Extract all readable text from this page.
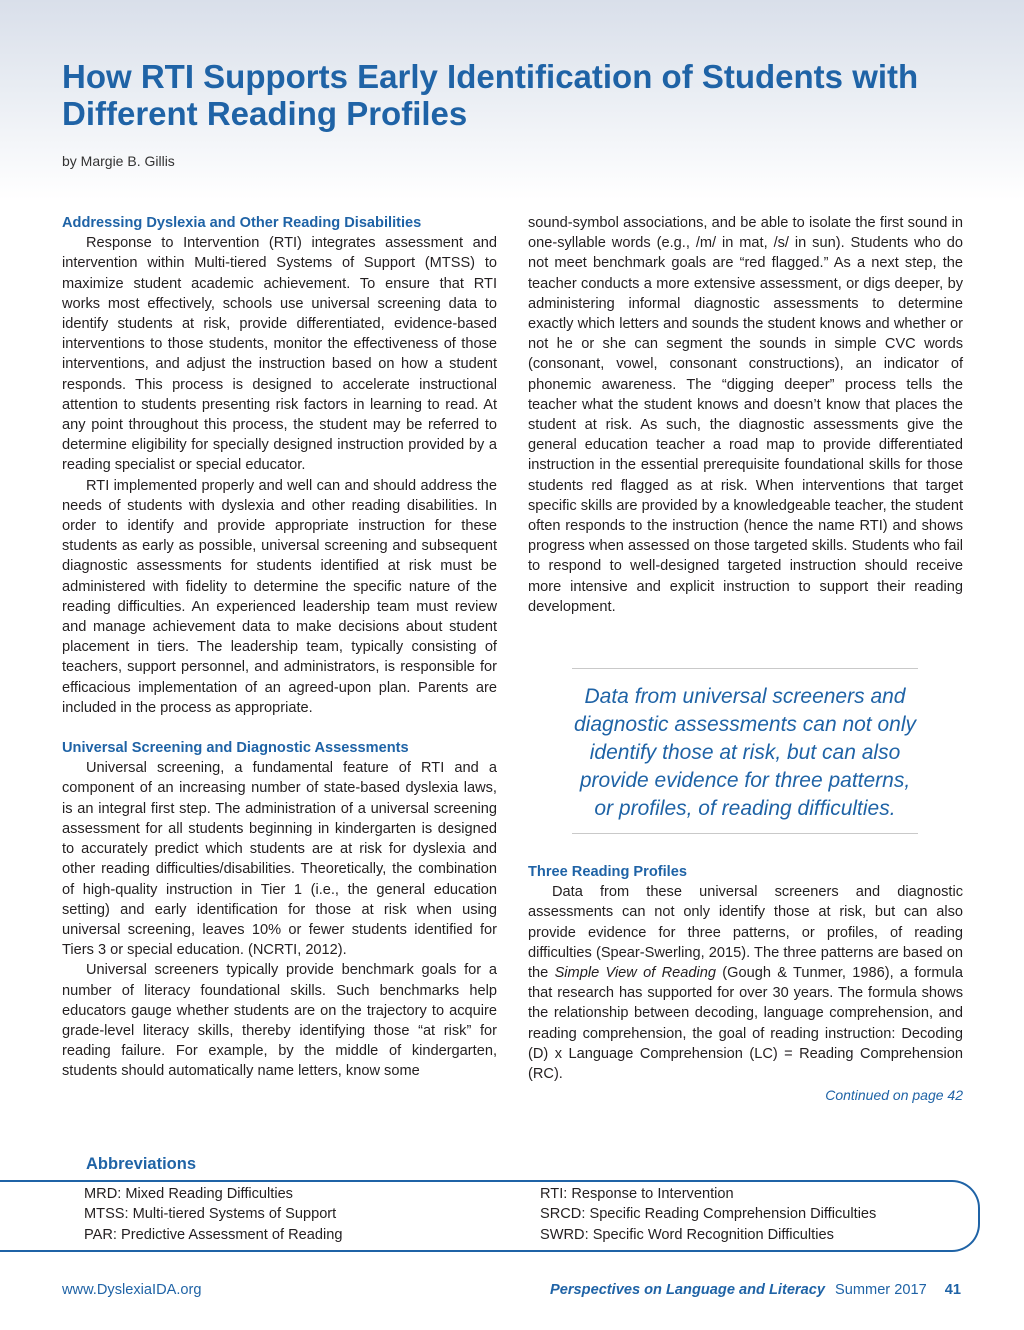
How RTI Supports Early Identification of Students with Different Reading Profiles
by Margie B. Gillis
Addressing Dyslexia and Other Reading Disabilities

Response to Intervention (RTI) integrates assessment and intervention within Multi-tiered Systems of Support (MTSS) to maximize student academic achievement. To ensure that RTI works most effectively, schools use universal screening data to identify students at risk, provide differentiated, evidence-based interventions to those students, monitor the effectiveness of those interventions, and adjust the instruction based on how a student responds. This process is designed to accelerate instructional attention to students presenting risk factors in learning to read. At any point throughout this process, the student may be referred to determine eligibility for specially designed instruction provided by a reading specialist or special educator.

RTI implemented properly and well can and should address the needs of students with dyslexia and other reading disabilities. In order to identify and provide appropriate instruction for these students as early as possible, universal screening and subsequent diagnostic assessments for students identified at risk must be administered with fidelity to determine the specific nature of the reading difficulties. An experienced leadership team must review and manage achievement data to make decisions about student placement in tiers. The leadership team, typically consisting of teachers, support personnel, and administrators, is responsible for efficacious implementation of an agreed-upon plan. Parents are included in the process as appropriate.

Universal Screening and Diagnostic Assessments

Universal screening, a fundamental feature of RTI and a component of an increasing number of state-based dyslexia laws, is an integral first step. The administration of a universal screening assessment for all students beginning in kindergarten is designed to accurately predict which students are at risk for dyslexia and other reading difficulties/disabilities. Theoretically, the combination of high-quality instruction in Tier 1 (i.e., the general education setting) and early identification for those at risk when using universal screening, leaves 10% or fewer students identified for Tiers 3 or special education. (NCRTI, 2012).

Universal screeners typically provide benchmark goals for a number of literacy foundational skills. Such benchmarks help educators gauge whether students are on the trajectory to acquire grade-level literacy skills, thereby identifying those “at risk” for reading failure. For example, by the middle of kindergarten, students should automatically name letters, know some

sound-symbol associations, and be able to isolate the first sound in one-syllable words (e.g., /m/ in mat, /s/ in sun). Students who do not meet benchmark goals are “red flagged.” As a next step, the teacher conducts a more extensive assessment, or digs deeper, by administering informal diagnostic assessments to determine exactly which letters and sounds the student knows and whether or not he or she can segment the sounds in simple CVC words (consonant, vowel, consonant constructions), an indicator of phonemic awareness. The “digging deeper” process tells the teacher what the student knows and doesn’t know that places the student at risk. As such, the diagnostic assessments give the general education teacher a road map to provide differentiated instruction in the essential prerequisite foundational skills for those students red flagged as at risk. When interventions that target specific skills are provided by a knowledgeable teacher, the student often responds to the instruction (hence the name RTI) and shows progress when assessed on those targeted skills. Students who fail to respond to well-designed targeted instruction should receive more intensive and explicit instruction to support their reading development.

Data from universal screeners and diagnostic assessments can not only identify those at risk, but can also provide evidence for three patterns, or profiles, of reading difficulties.
Three Reading Profiles

Data from these universal screeners and diagnostic assessments can not only identify those at risk, but can also provide evidence for three patterns, or profiles, of reading difficulties (Spear-Swerling, 2015). The three patterns are based on the Simple View of Reading (Gough & Tunmer, 1986), a formula that research has supported for over 30 years. The formula shows the relationship between decoding, language comprehension, and reading comprehension, the goal of reading instruction: Decoding (D) x Language Comprehension (LC) = Reading Comprehension (RC).

Continued on page 42
Abbreviations
MRD: Mixed Reading Difficulties
MTSS: Multi-tiered Systems of Support
PAR: Predictive Assessment of Reading
RTI: Response to Intervention
SRCD: Specific Reading Comprehension Difficulties
SWRD: Specific Word Recognition Difficulties
www.DyslexiaIDA.org	Perspectives on Language and Literacy Summer 2017 41
